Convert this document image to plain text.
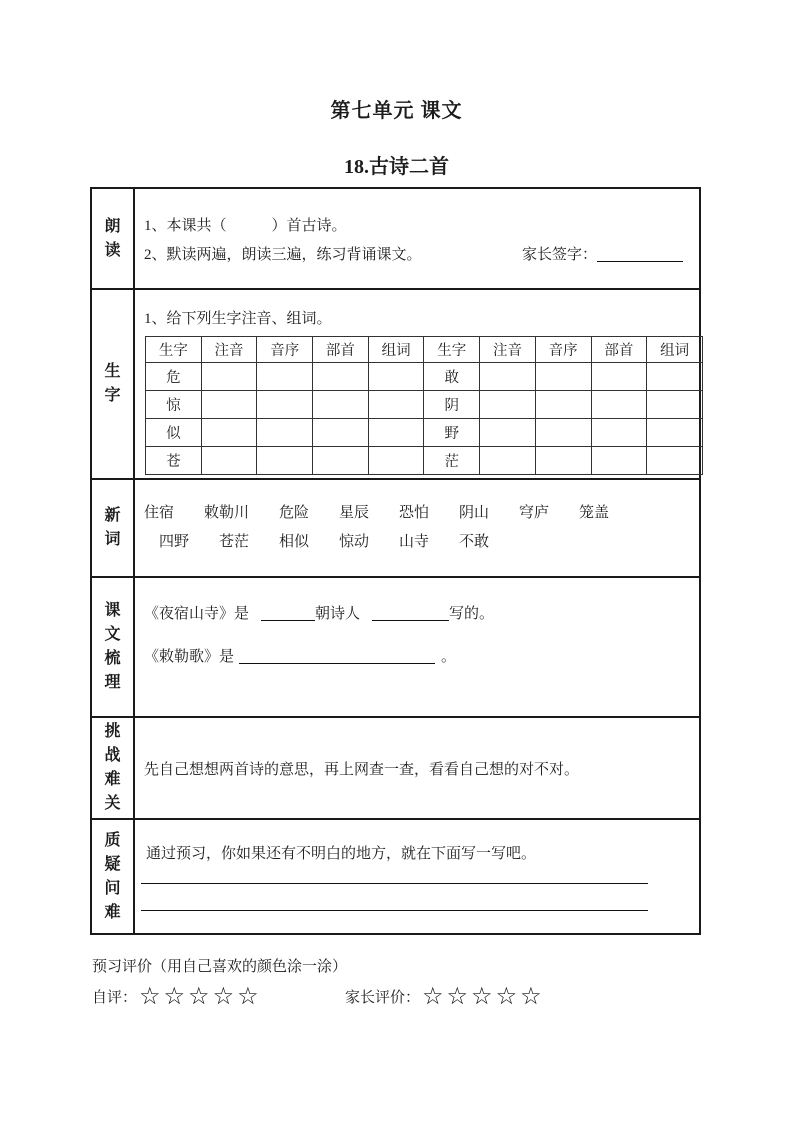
第七单元 课文
18.古诗二首
朗读
1、本课共（　　　）首古诗。
2、默读两遍，朗读三遍，练习背诵课文。	家长签字：
生字
1、给下列生字注音、组词。
生字	注音	音序	部首	组词	生字	注音	音序	部首	组词
危					敢				
惊					阴				
似					野				
苍					茫				
新词
住宿　　敕勒川　　危险　　星辰　　恐怕　　阴山　　穹庐　　笼盖
四野　　苍茫　　相似　　惊动　　山寺　　不敢
课文梳理
《夜宿山寺》是	朝诗人	写的。
《敕勒歌》是	。
挑战难关
先自己想想两首诗的意思，再上网查一查，看看自己想的对不对。
质疑问难
通过预习，你如果还有不明白的地方，就在下面写一写吧。
预习评价（用自己喜欢的颜色涂一涂）
自评： ☆☆☆☆☆	家长评价： ☆☆☆☆☆
